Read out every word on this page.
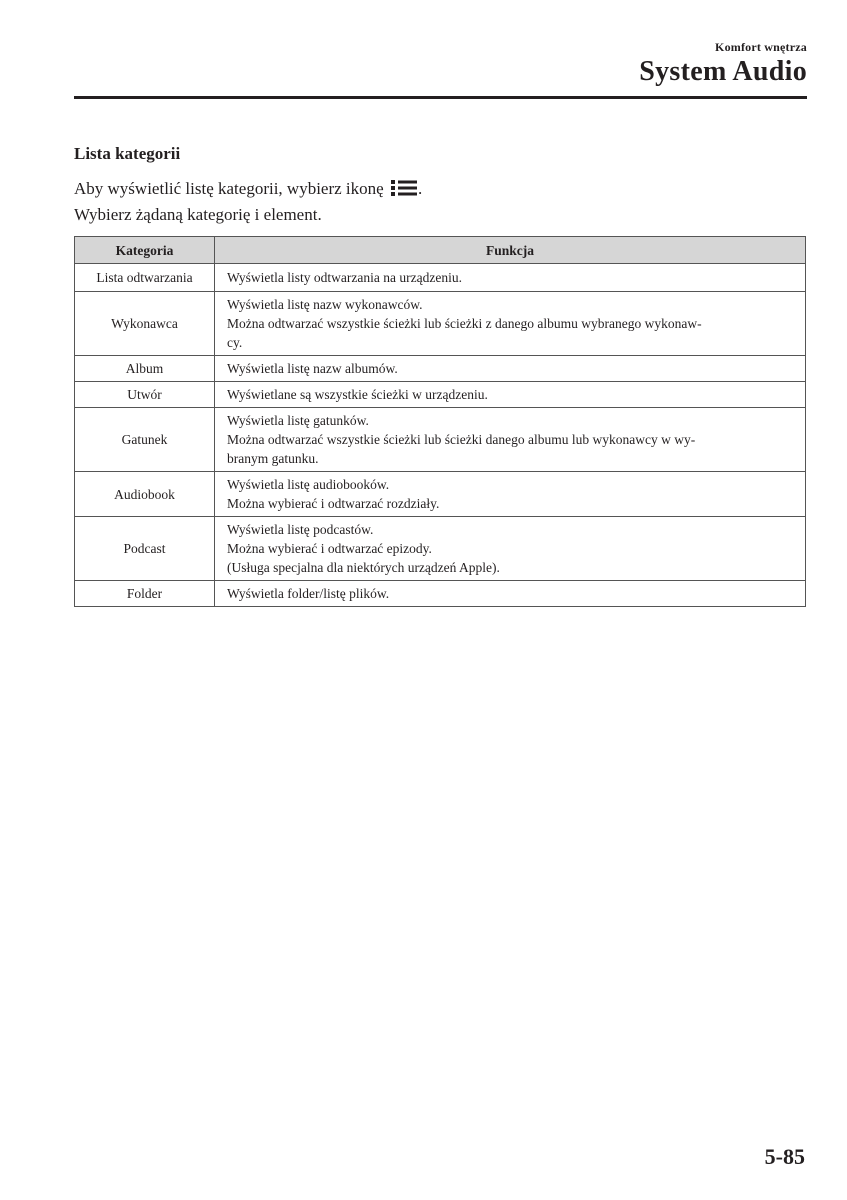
Komfort wnętrza
System Audio
Lista kategorii

Aby wyświetlić listę kategorii, wybierz ikonę .

Wybierz żądaną kategorię i element.

Kategoria	Funkcja
Lista odtwarzania	Wyświetla listy odtwarzania na urządzeniu.

Wykonawca	Wyświetla listę nazw wykonawców.
Można odtwarzać wszystkie ścieżki lub ścieżki z danego albumu wybranego wykonaw-
cy.

Album	Wyświetla listę nazw albumów.

Utwór	Wyświetlane są wszystkie ścieżki w urządzeniu.

Gatunek	Wyświetla listę gatunków.
Można odtwarzać wszystkie ścieżki lub ścieżki danego albumu lub wykonawcy w wy-
branym gatunku.

Audiobook	Wyświetla listę audiobooków.
Można wybierać i odtwarzać rozdziały.

Podcast	Wyświetla listę podcastów.
Można wybierać i odtwarzać epizody.
(Usługa specjalna dla niektórych urządzeń Apple).

Folder	Wyświetla folder/listę plików.
5-85
